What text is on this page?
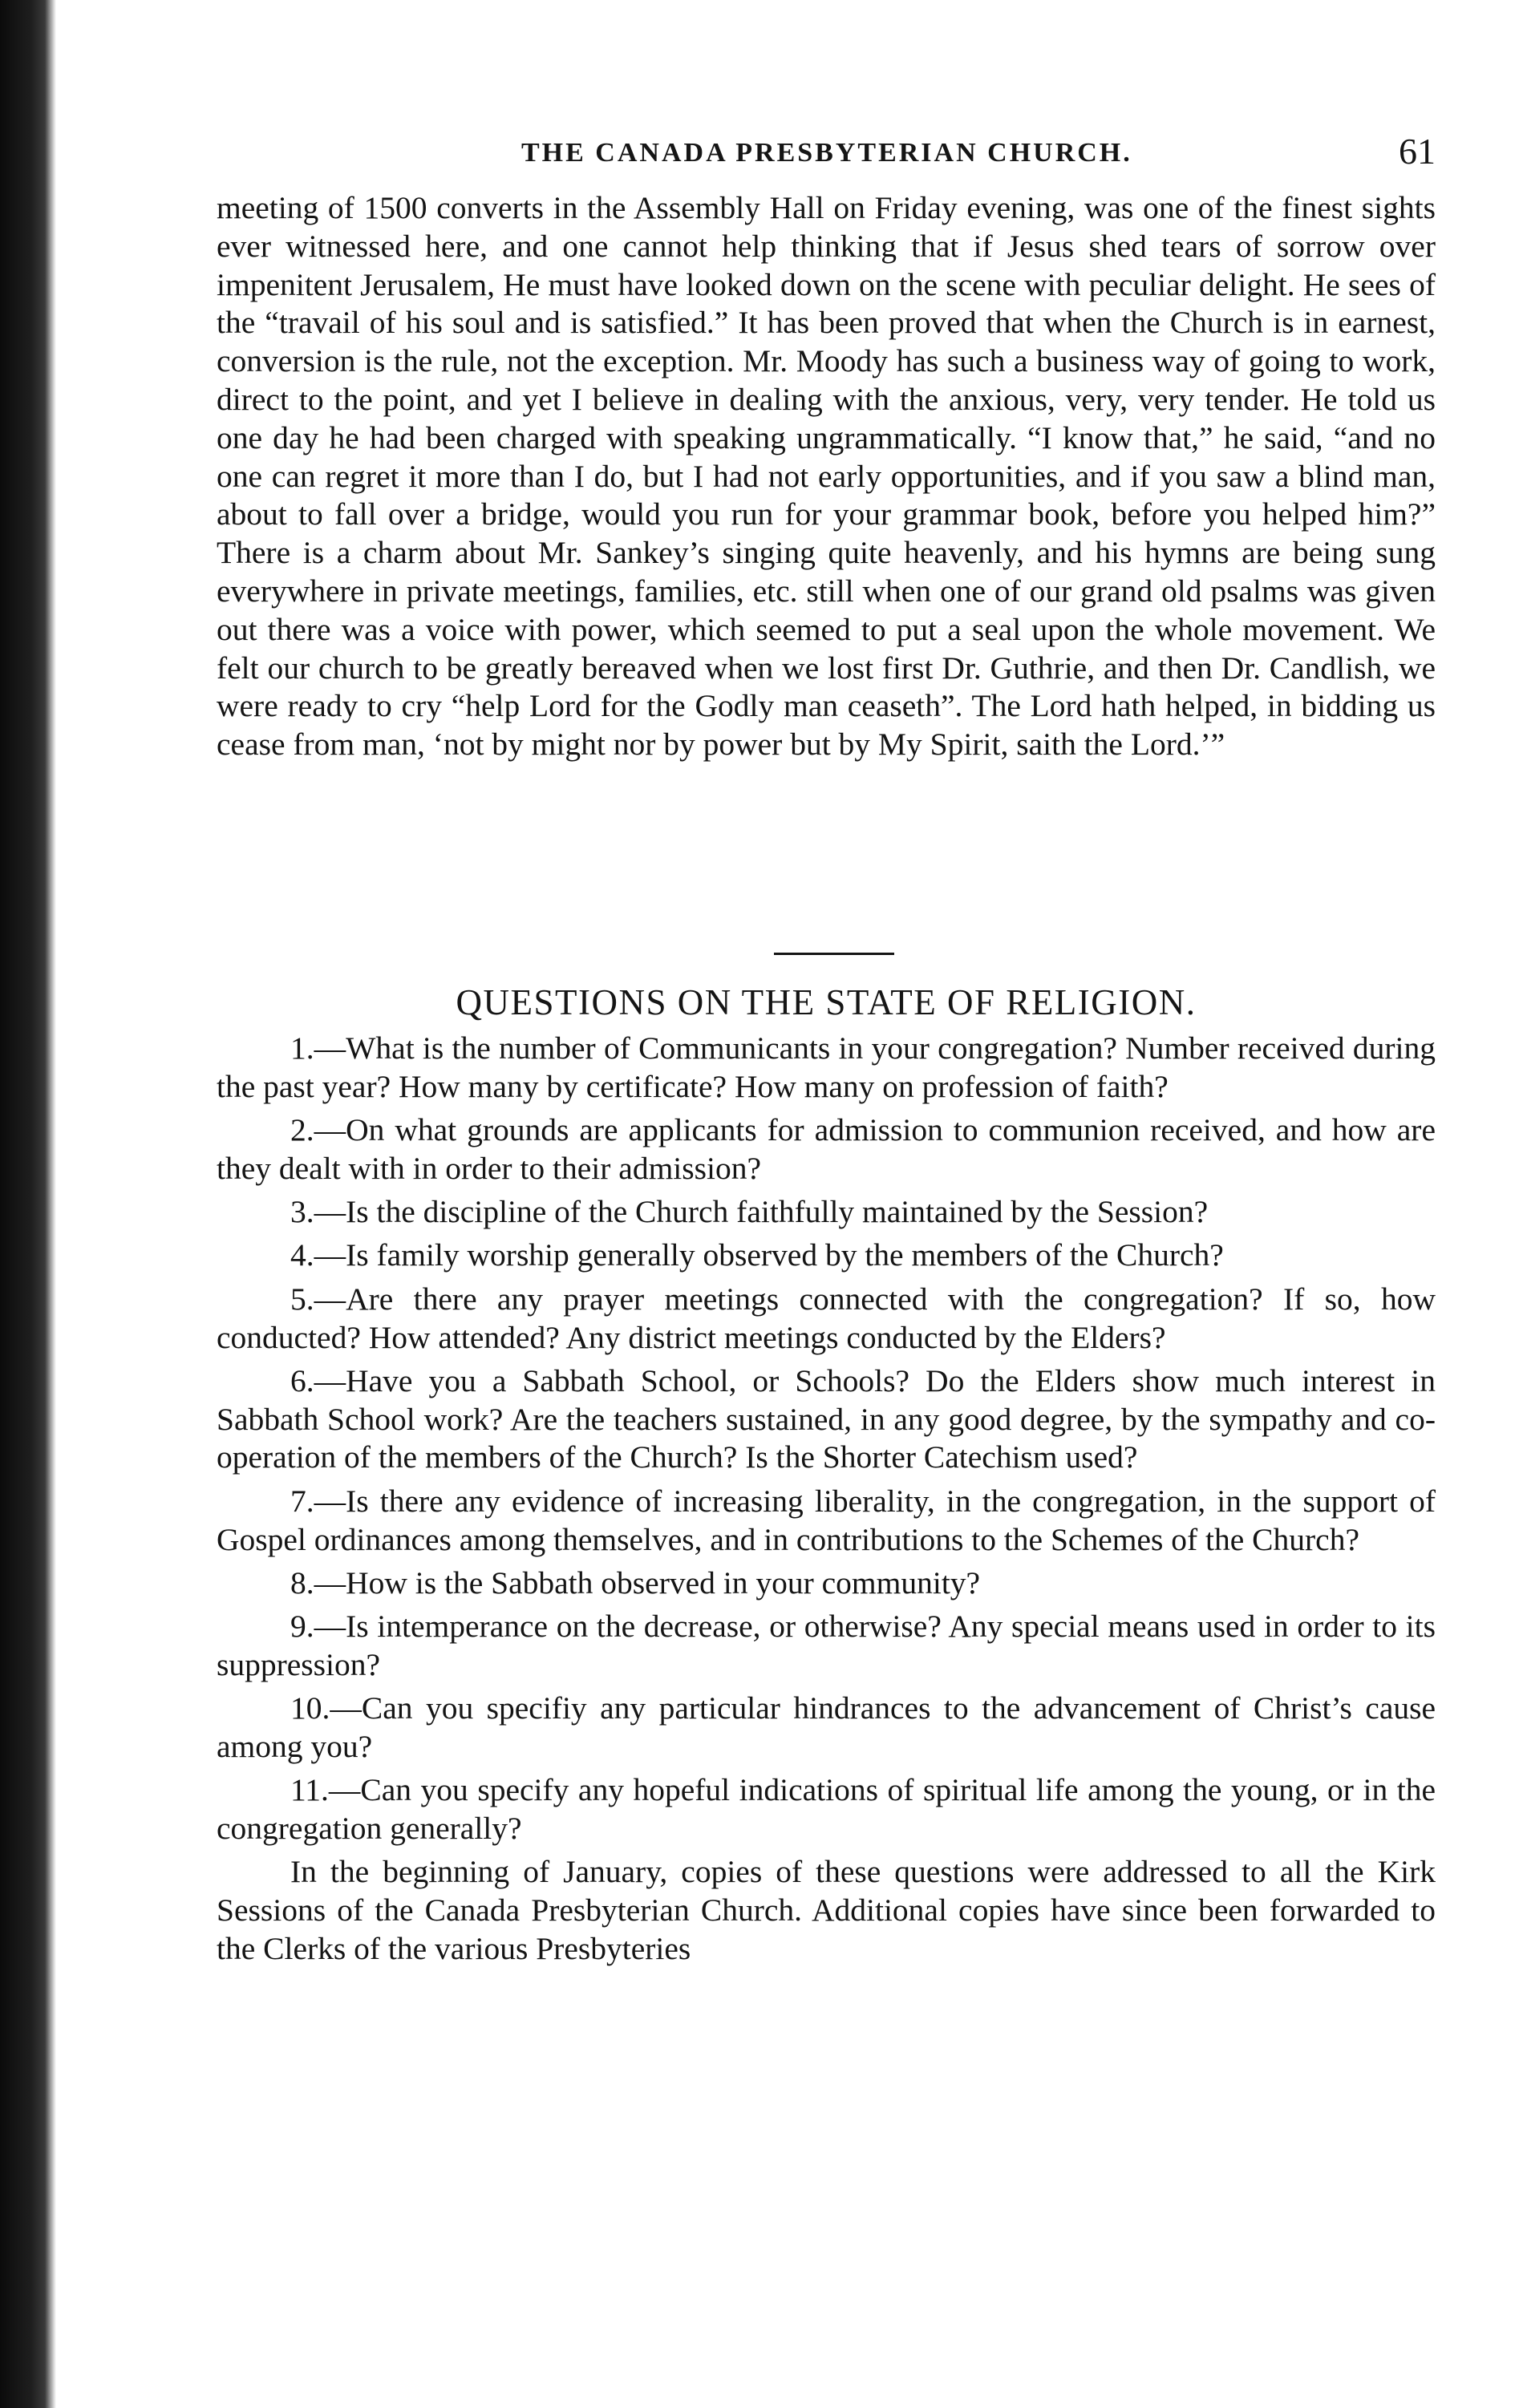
THE CANADA PRESBYTERIAN CHURCH.	61

meeting of 1500 converts in the Assembly Hall on Friday evening, was one of the finest sights ever witnessed here, and one cannot help thinking that if Jesus shed tears of sorrow over impenitent Jerusalem, He must have looked down on the scene with peculiar delight. He sees of the “travail of his soul and is satisfied.” It has been proved that when the Church is in earnest, conversion is the rule, not the exception. Mr. Moody has such a business way of going to work, direct to the point, and yet I believe in dealing with the anxious, very, very tender. He told us one day he had been charged with speaking ungrammatically. “I know that,” he said, “and no one can regret it more than I do, but I had not early opportunities, and if you saw a blind man, about to fall over a bridge, would you run for your grammar book, before you helped him?” There is a charm about Mr. Sankey’s singing quite heavenly, and his hymns are being sung everywhere in private meetings, families, etc. still when one of our grand old psalms was given out there was a voice with power, which seemed to put a seal upon the whole movement. We felt our church to be greatly bereaved when we lost first Dr. Guthrie, and then Dr. Candlish, we were ready to cry “help Lord for the Godly man ceaseth”. The Lord hath helped, in bidding us cease from man, ‘not by might nor by power but by My Spirit, saith the Lord.’”

QUESTIONS ON THE STATE OF RELIGION.

1.—What is the number of Communicants in your congregation? Number received during the past year? How many by certificate? How many on profession of faith?

2.—On what grounds are applicants for admission to communion received, and how are they dealt with in order to their admission?

3.—Is the discipline of the Church faithfully maintained by the Session?

4.—Is family worship generally observed by the members of the Church?

5.—Are there any prayer meetings connected with the congregation? If so, how conducted? How attended? Any district meetings conducted by the Elders?

6.—Have you a Sabbath School, or Schools? Do the Elders show much interest in Sabbath School work? Are the teachers sustained, in any good degree, by the sympathy and co-operation of the members of the Church? Is the Shorter Catechism used?

7.—Is there any evidence of increasing liberality, in the congregation, in the support of Gospel ordinances among themselves, and in contributions to the Schemes of the Church?

8.—How is the Sabbath observed in your community?

9.—Is intemperance on the decrease, or otherwise? Any special means used in order to its suppression?

10.—Can you specifiy any particular hindrances to the advancement of Christ’s cause among you?

11.—Can you specify any hopeful indications of spiritual life among the young, or in the congregation generally?

In the beginning of January, copies of these questions were addressed to all the Kirk Sessions of the Canada Presbyterian Church. Additional copies have since been forwarded to the Clerks of the various Presbyteries
